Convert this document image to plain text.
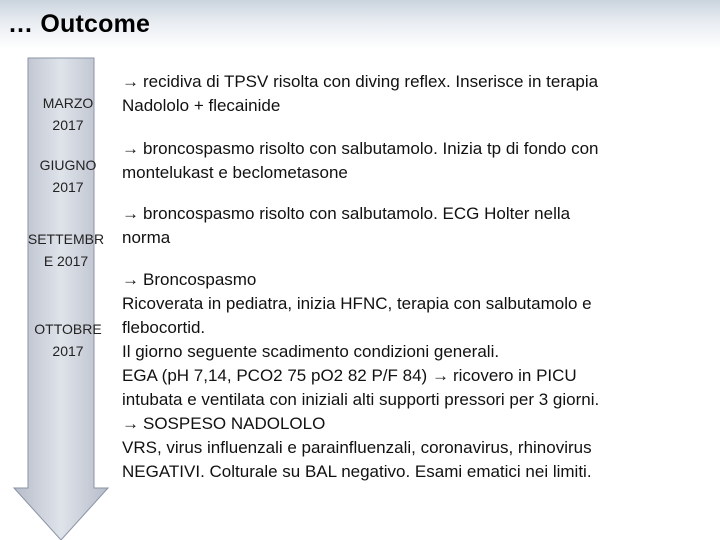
… Outcome
MARZO
2017
GIUGNO
2017
SETTEMBR
E 2017
OTTOBRE
2017
→ recidiva di TPSV risolta con diving reflex. Inserisce in terapia
Nadololo + flecainide
→ broncospasmo risolto con salbutamolo. Inizia tp di fondo con
montelukast e beclometasone
→ broncospasmo risolto con salbutamolo. ECG Holter nella
norma
→ Broncospasmo
Ricoverata in pediatra, inizia HFNC, terapia con salbutamolo e
flebocortid.
Il giorno seguente scadimento condizioni generali.
EGA (pH 7,14, PCO2 75 pO2 82 P/F 84) → ricovero in PICU
intubata e ventilata con iniziali alti supporti pressori per 3 giorni.
→ SOSPESO NADOLOLO
VRS, virus influenzali e parainfluenzali, coronavirus, rhinovirus
NEGATIVI. Colturale su BAL negativo. Esami ematici nei limiti.
